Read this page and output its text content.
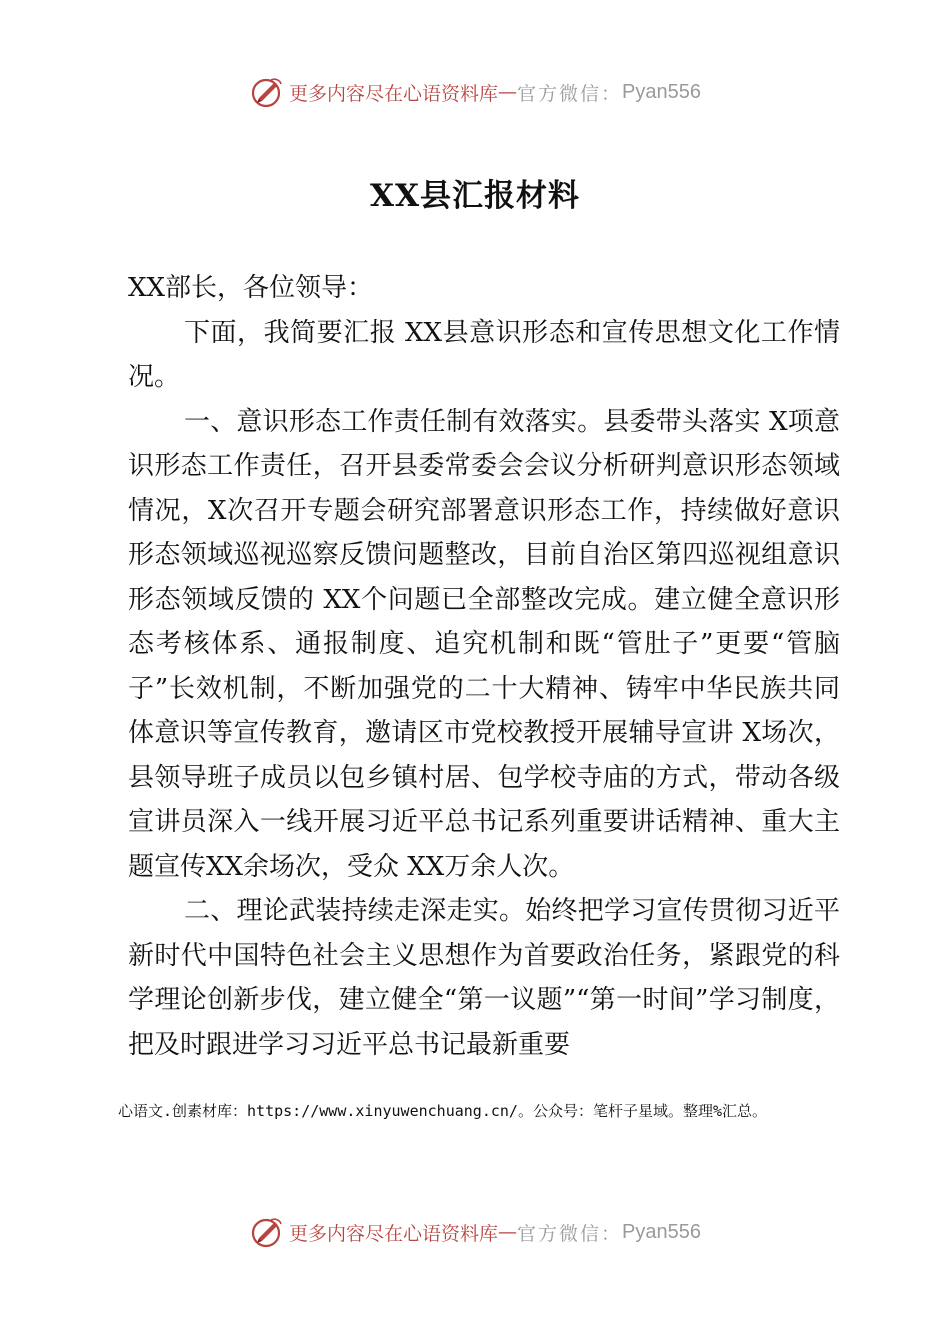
更多内容尽在心语资料库 — 官方微信： Pyan556
XX县汇报材料

XX部长，各位领导：

下面，我简要汇报 XX县意识形态和宣传思想文化工作情况。

一、意识形态工作责任制有效落实。县委带头落实 X项意识形态工作责任，召开县委常委会会议分析研判意识形态领域情况，X次召开专题会研究部署意识形态工作，持续做好意识形态领域巡视巡察反馈问题整改，目前自治区第四巡视组意识形态领域反馈的 XX个问题已全部整改完成。建立健全意识形态考核体系、通报制度、追究机制和既“管肚子”更要“管脑子”长效机制，不断加强党的二十大精神、铸牢中华民族共同体意识等宣传教育，邀请区市党校教授开展辅导宣讲 X场次，县领导班子成员以包乡镇村居、包学校寺庙的方式，带动各级宣讲员深入一线开展习近平总书记系列重要讲话精神、重大主题宣传XX余场次，受众 XX万余人次。

二、理论武装持续走深走实。始终把学习宣传贯彻习近平新时代中国特色社会主义思想作为首要政治任务，紧跟党的科学理论创新步伐，建立健全“第一议题”“第一时间”学习制度，把及时跟进学习习近平总书记最新重要

心语文.创素材库：https://www.xinyuwenchuang.cn/。公众号：笔杆子星域。整理%汇总。
更多内容尽在心语资料库 — 官方微信： Pyan556
